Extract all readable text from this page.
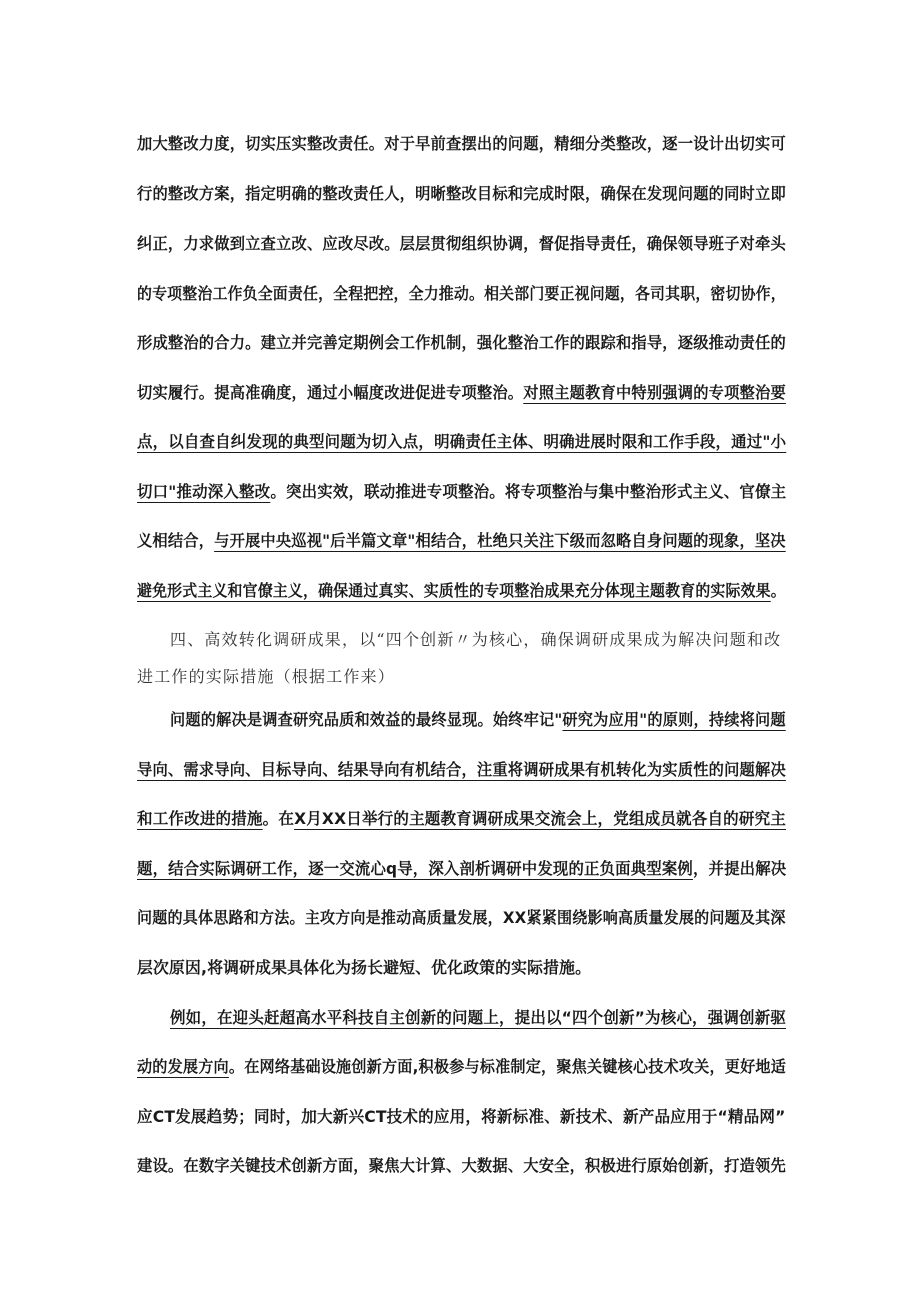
加大整改力度，切实压实整改责任。对于早前查摆出的问题，精细分类整改，逐一设计出切实可
行的整改方案，指定明确的整改责任人，明晰整改目标和完成时限，确保在发现问题的同时立即
纠正，力求做到立查立改、应改尽改。层层贯彻组织协调，督促指导责任，确保领导班子对牵头
的专项整治工作负全面责任，全程把控，全力推动。相关部门要正视问题，各司其职，密切协作，
形成整治的合力。建立并完善定期例会工作机制，强化整治工作的跟踪和指导，逐级推动责任的
切实履行。提高准确度，通过小幅度改进促进专项整治。对照主题教育中特别强调的专项整治要
点，以自查自纠发现的典型问题为切入点，明确责任主体、明确进展时限和工作手段，通过"小
切口"推动深入整改。突出实效，联动推进专项整治。将专项整治与集中整治形式主义、官僚主
义相结合，与开展中央巡视"后半篇文章"相结合，杜绝只关注下级而忽略自身问题的现象，坚决
避免形式主义和官僚主义，确保通过真实、实质性的专项整治成果充分体现主题教育的实际效果。
四、高效转化调研成果，以“四个创新〃为核心，确保调研成果成为解决问题和改
进工作的实际措施（根据工作来）
问题的解决是调查研究品质和效益的最终显现。始终牢记"研究为应用"的原则，持续将问题
导向、需求导向、目标导向、结果导向有机结合，注重将调研成果有机转化为实质性的问题解决
和工作改进的措施。在X月XX日举行的主题教育调研成果交流会上，党组成员就各自的研究主
题，结合实际调研工作，逐一交流心q导，深入剖析调研中发现的正负面典型案例，并提出解决
问题的具体思路和方法。主攻方向是推动高质量发展，XX紧紧围绕影响高质量发展的问题及其深
层次原因,将调研成果具体化为扬长避短、优化政策的实际措施。
例如，在迎头赶超高水平科技自主创新的问题上，提出以“四个创新”为核心，强调创新驱
动的发展方向。在网络基础设施创新方面,积极参与标准制定，聚焦关键核心技术攻关，更好地适
应CT发展趋势；同时，加大新兴CT技术的应用，将新标准、新技术、新产品应用于“精品网”
建设。在数字关键技术创新方面，聚焦大计算、大数据、大安全，积极进行原始创新，打造领先
